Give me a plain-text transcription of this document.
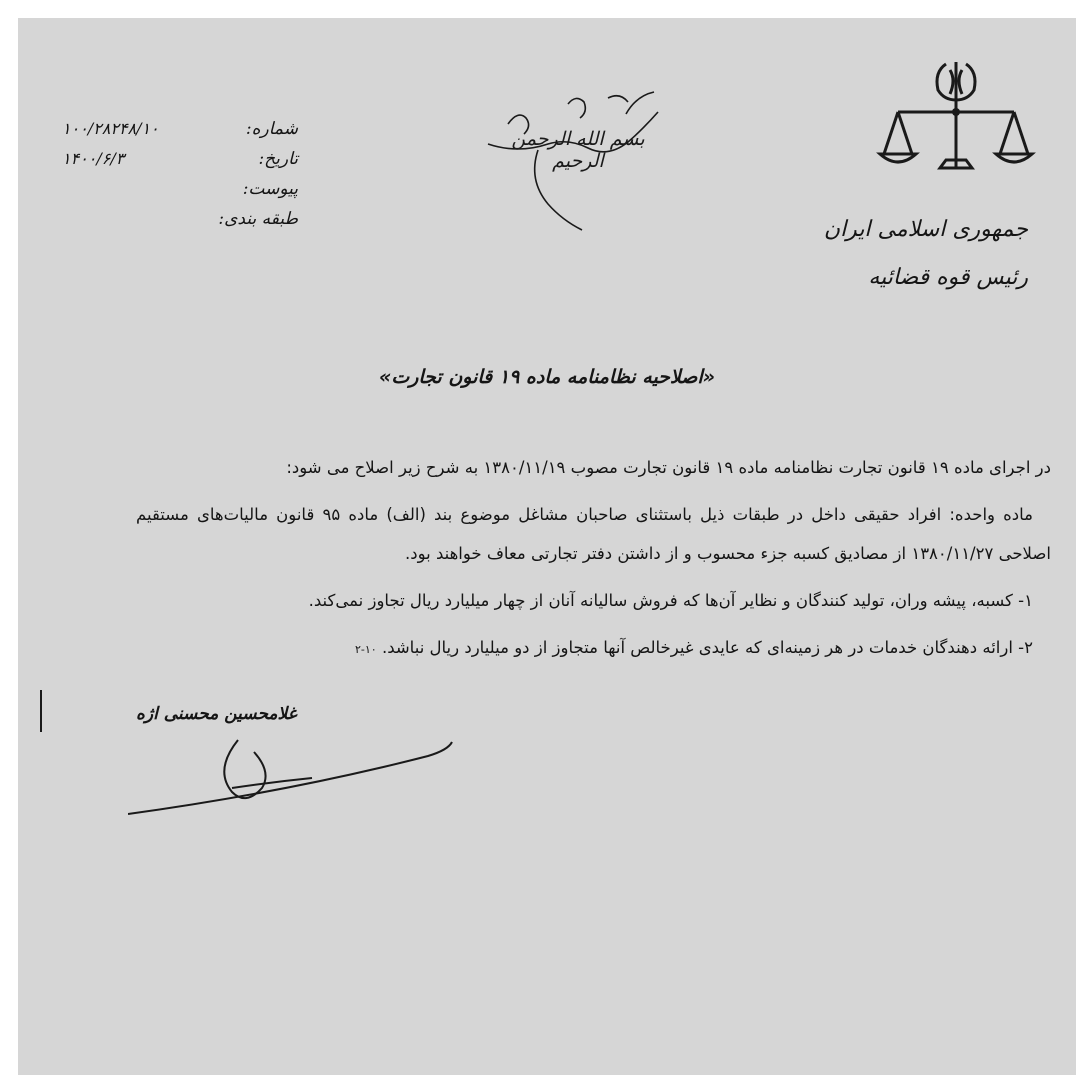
جمهوری اسلامی ایران
رئیس قوه قضائیه
بسم الله الرحمن الرحیم
شماره:
تاریخ:
پیوست:
طبقه بندی:
۱۰۰/۲۸۲۴۸/۱۰
۱۴۰۰/۶/۳
«اصلاحیه نظامنامه ماده ۱۹ قانون تجارت»

در اجرای ماده ۱۹ قانون تجارت نظامنامه ماده ۱۹ قانون تجارت مصوب ۱۳۸۰/۱۱/۱۹ به شرح زیر اصلاح می شود:

ماده واحده: افراد حقیقی داخل در طبقات ذیل باستثنای صاحبان مشاغل موضوع بند (الف) ماده ۹۵ قانون مالیات‌های مستقیم اصلاحی ۱۳۸۰/۱۱/۲۷ از مصادیق کسبه جزء محسوب و از داشتن دفتر تجارتی معاف خواهند بود.

۱- کسبه، پیشه وران، تولید کنندگان و نظایر آن‌ها که فروش سالیانه آنان از چهار میلیارد ریال تجاوز نمی‌کند.

۲- ارائه دهندگان خدمات در هر زمینه‌ای که عایدی غیرخالص آنها متجاوز از دو میلیارد ریال نباشد. ۱۰-۲

غلامحسین محسنی اژه
